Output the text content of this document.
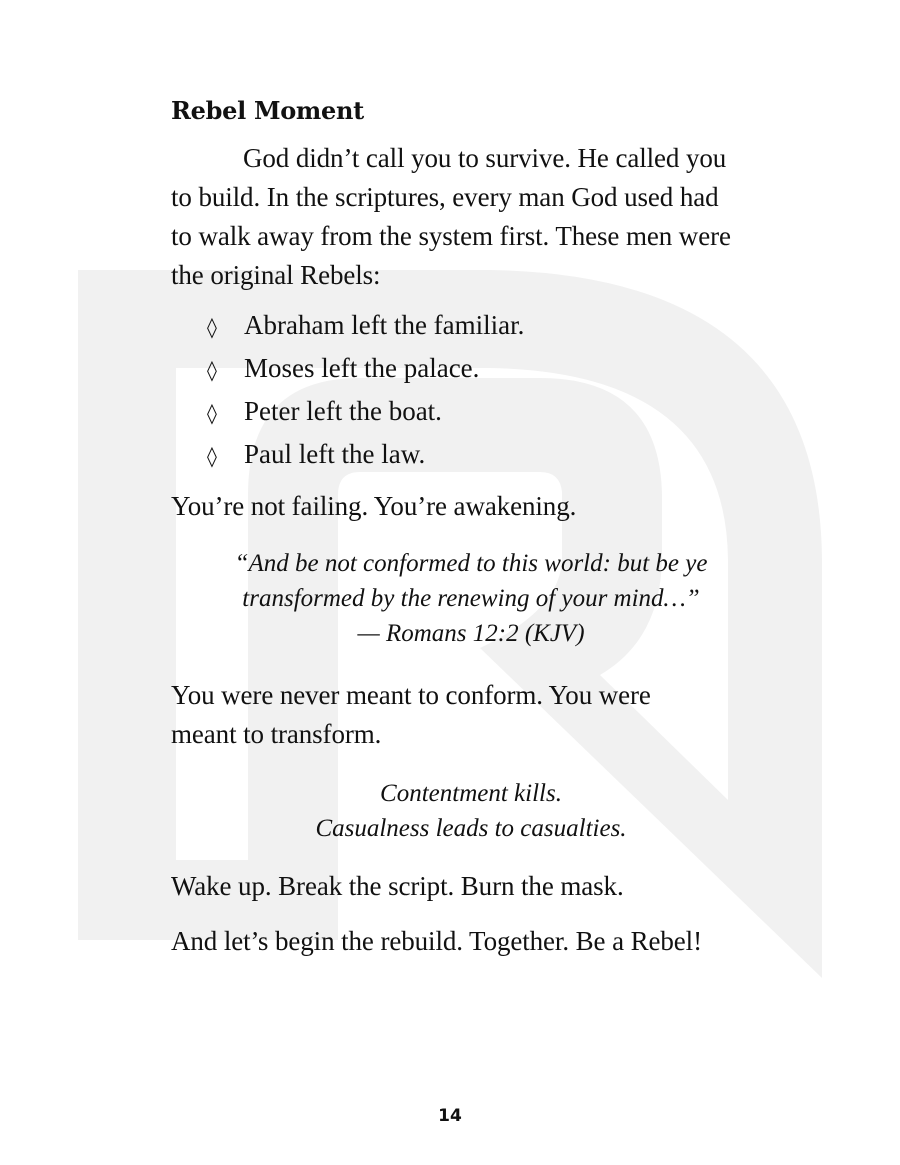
Rebel Moment

God didn’t call you to survive. He called you to build. In the scriptures, every man God used had to walk away from the system first. These men were the original Rebels:

◊	Abraham left the familiar.
◊	Moses left the palace.
◊	Peter left the boat.
◊	Paul left the law.

You’re not failing. You’re awakening.

“And be not conformed to this world: but be ye
transformed by the renewing of your mind…”
— Romans 12:2 (KJV)

You were never meant to conform. You were
meant to transform.

Contentment kills.
Casualness leads to casualties.

Wake up. Break the script. Burn the mask.

And let’s begin the rebuild. Together. Be a Rebel!

14
